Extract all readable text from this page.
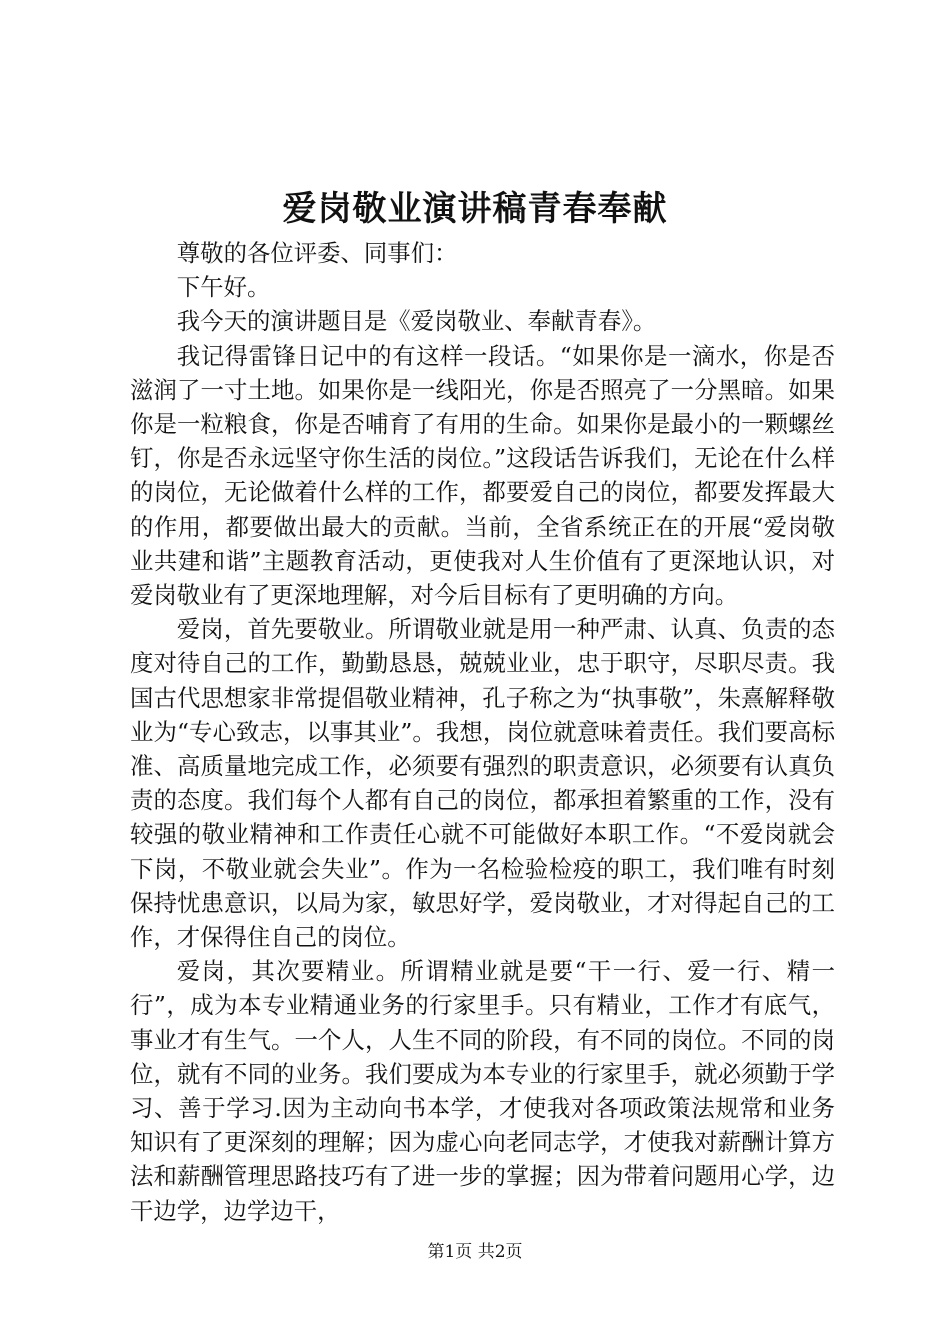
爱岗敬业演讲稿青春奉献

尊敬的各位评委、同事们：

下午好。

我今天的演讲题目是《爱岗敬业、奉献青春》。

我记得雷锋日记中的有这样一段话。“如果你是一滴水，你是否滋润了一寸土地。如果你是一线阳光，你是否照亮了一分黑暗。如果你是一粒粮食，你是否哺育了有用的生命。如果你是最小的一颗螺丝钉，你是否永远坚守你生活的岗位。”这段话告诉我们，无论在什么样的岗位，无论做着什么样的工作，都要爱自己的岗位，都要发挥最大的作用，都要做出最大的贡献。当前，全省系统正在的开展“爱岗敬业共建和谐”主题教育活动，更使我对人生价值有了更深地认识，对爱岗敬业有了更深地理解，对今后目标有了更明确的方向。

爱岗，首先要敬业。所谓敬业就是用一种严肃、认真、负责的态度对待自己的工作，勤勤恳恳，兢兢业业，忠于职守，尽职尽责。我国古代思想家非常提倡敬业精神，孔子称之为“执事敬”，朱熹解释敬业为“专心致志，以事其业”。我想，岗位就意味着责任。我们要高标准、高质量地完成工作，必须要有强烈的职责意识，必须要有认真负责的态度。我们每个人都有自己的岗位，都承担着繁重的工作，没有较强的敬业精神和工作责任心就不可能做好本职工作。“不爱岗就会下岗，不敬业就会失业”。作为一名检验检疫的职工，我们唯有时刻保持忧患意识，以局为家，敏思好学，爱岗敬业，才对得起自己的工作，才保得住自己的岗位。

爱岗，其次要精业。所谓精业就是要“干一行、爱一行、精一行”，成为本专业精通业务的行家里手。只有精业，工作才有底气，事业才有生气。一个人，人生不同的阶段，有不同的岗位。不同的岗位，就有不同的业务。我们要成为本专业的行家里手，就必须勤于学习、善于学习.因为主动向书本学，才使我对各项政策法规常和业务知识有了更深刻的理解；因为虚心向老同志学，才使我对薪酬计算方法和薪酬管理思路技巧有了进一步的掌握；因为带着问题用心学，边干边学，边学边干，

第1页 共2页
